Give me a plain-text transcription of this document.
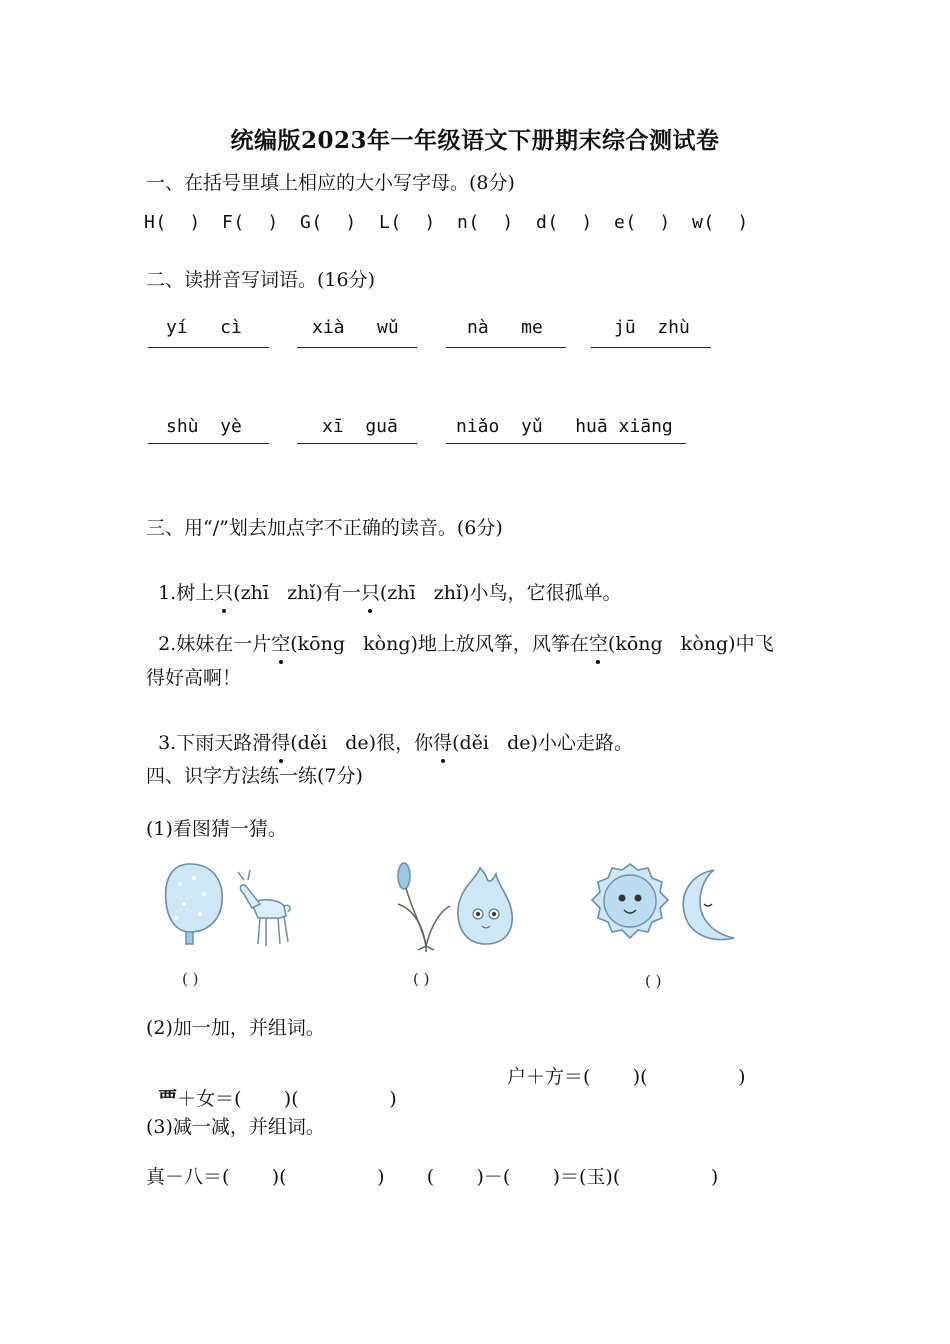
统编版2023年一年级语文下册期末综合测试卷
一、在括号里填上相应的大小写字母。(8分)
H(  ) F(  ) G(  ) L(  ) n(  ) d(  ) e(  ) w(  )
二、读拼音写词语。(16分)
yí   cì	xià   wǔ	nà   me	jū  zhù
shù  yè	xī  guā	niǎo  yǔ   huā xiāng
三、用“/”划去加点字不正确的读音。(6分)

1.树上只(zhī   zhǐ)有一只(zhī   zhǐ)小鸟，它很孤单。

2.妹妹在一片空(kōng   kòng)地上放风筝，风筝在空(kōng   kòng)中飞

得好高啊！

3.下雨天路滑得(děi   de)很，你得(děi   de)小心走路。

四、识字方法练一练(7分)
(1)看图猜一猜。
( )	( )	( )
(2)加一加，并组词。

覀＋女＝(       )(               )

户＋方＝(       )(               )
(3)减一减，并组词。
真－八＝(       )(               )       (       )－(       )＝(玉)(               )
